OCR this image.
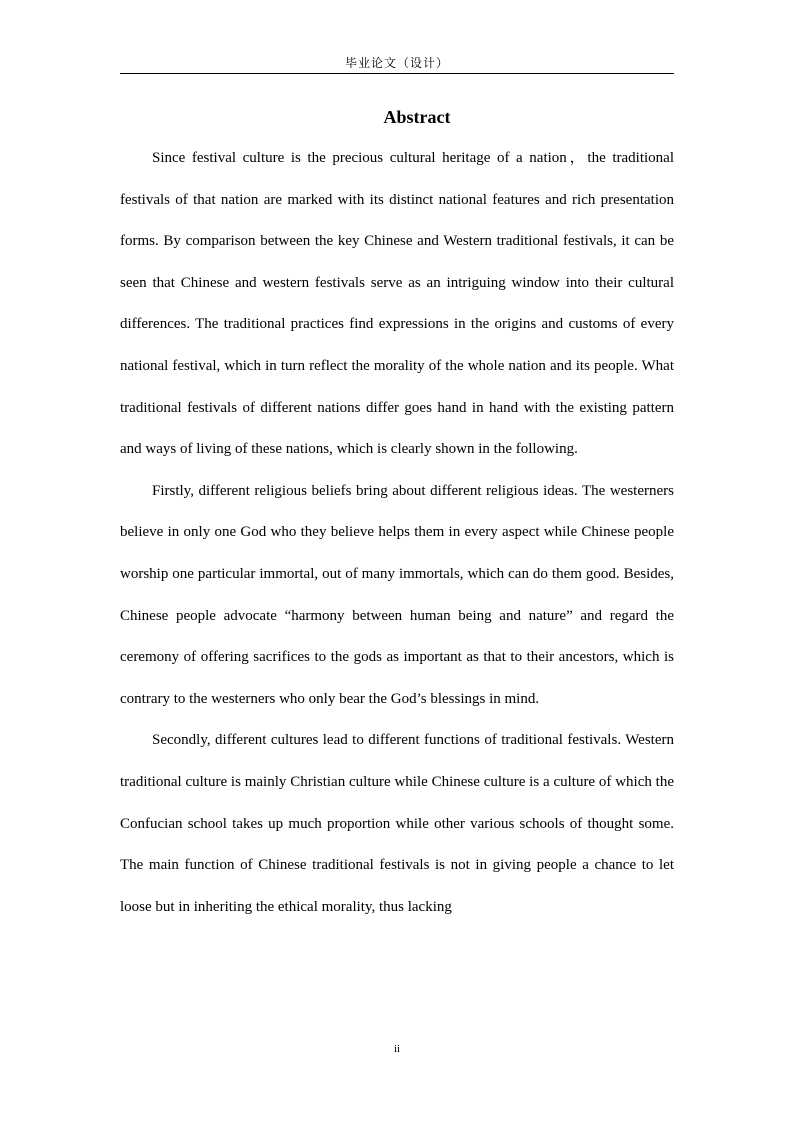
毕业论文（设计）
Abstract

Since festival culture is the precious cultural heritage of a nation，the traditional festivals of that nation are marked with its distinct national features and rich presentation forms. By comparison between the key Chinese and Western traditional festivals, it can be seen that Chinese and western festivals serve as an intriguing window into their cultural differences. The traditional practices find expressions in the origins and customs of every national festival, which in turn reflect the morality of the whole nation and its people. What traditional festivals of different nations differ goes hand in hand with the existing pattern and ways of living of these nations, which is clearly shown in the following.

Firstly, different religious beliefs bring about different religious ideas. The westerners believe in only one God who they believe helps them in every aspect while Chinese people worship one particular immortal, out of many immortals, which can do them good. Besides, Chinese people advocate “harmony between human being and nature” and regard the ceremony of offering sacrifices to the gods as important as that to their ancestors, which is contrary to the westerners who only bear the God’s blessings in mind.

Secondly, different cultures lead to different functions of traditional festivals. Western traditional culture is mainly Christian culture while Chinese culture is a culture of which the Confucian school takes up much proportion while other various schools of thought some. The main function of Chinese traditional festivals is not in giving people a chance to let loose but in inheriting the ethical morality, thus lacking

ii
